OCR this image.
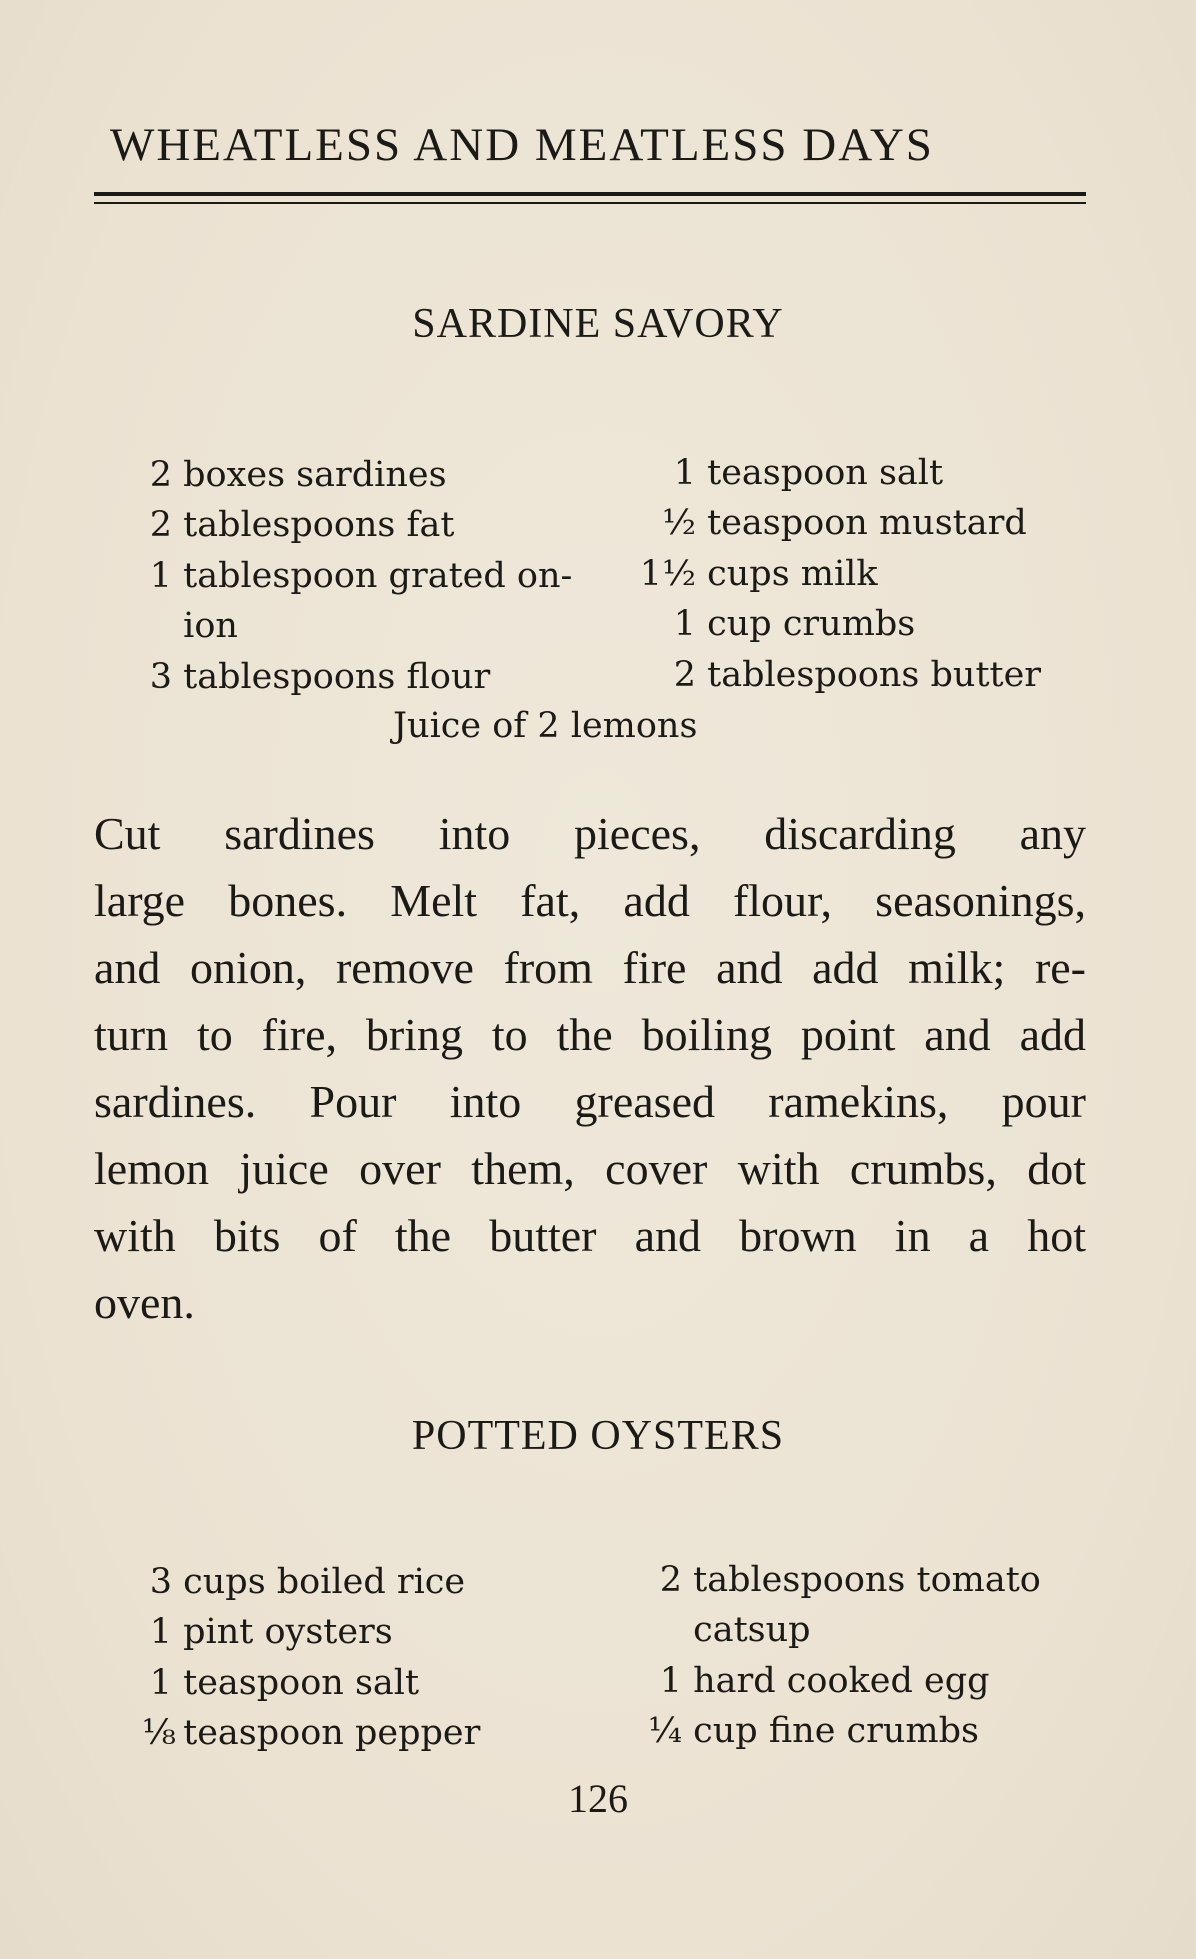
WHEATLESS AND MEATLESS DAYS
SARDINE SAVORY
2 boxes sardines
2 tablespoons fat
1 tablespoon grated on-
ion
3 tablespoons flour
1 teaspoon salt
½ teaspoon mustard
1½ cups milk
1 cup crumbs
2 tablespoons butter
Juice of 2 lemons
Cut sardines into pieces, discarding any
large bones. Melt fat, add flour, seasonings,
and onion, remove from fire and add milk; re-
turn to fire, bring to the boiling point and add
sardines. Pour into greased ramekins, pour
lemon juice over them, cover with crumbs, dot
with bits of the butter and brown in a hot
oven.
POTTED OYSTERS
3 cups boiled rice
1 pint oysters
1 teaspoon salt
⅛ teaspoon pepper
2 tablespoons tomato
catsup
1 hard cooked egg
¼ cup fine crumbs
126
